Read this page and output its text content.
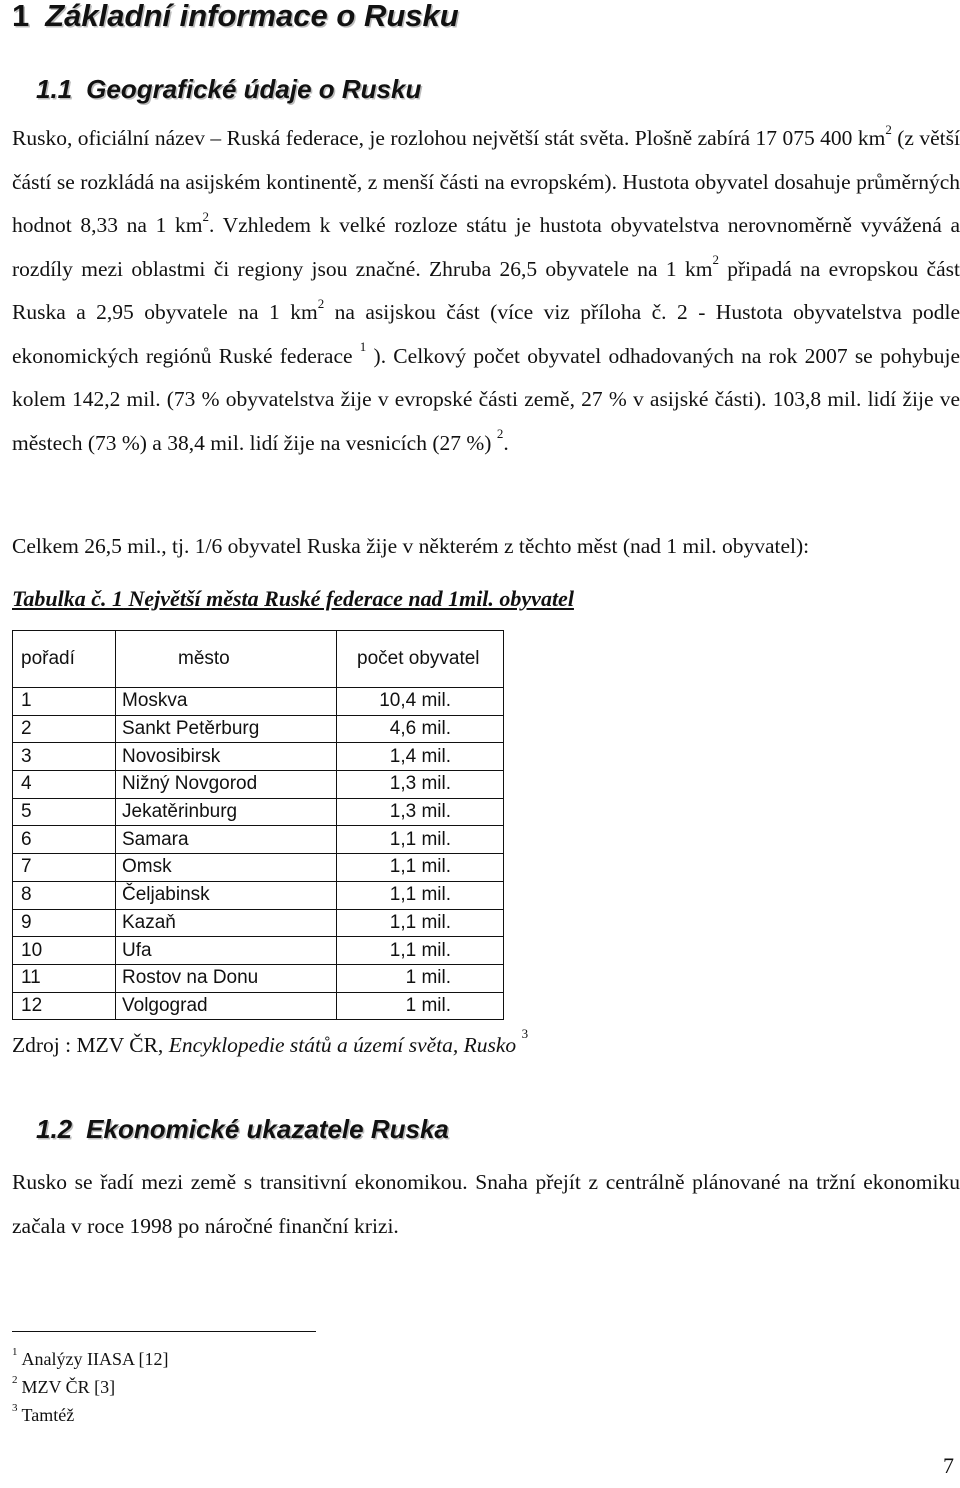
1 Základní informace o Rusku
1.1 Geografické údaje o Rusku

Rusko, oficiální název – Ruská federace, je rozlohou největší stát světa. Plošně zabírá 17 075 400 $km^2$ (z větší částí se rozkládá na asijském kontinentě, z menší části na evropském). Hustota obyvatel dosahuje průměrných hodnot 8,33 na 1 $km^2$. Vzhledem k velké rozloze státu je hustota obyvatelstva nerovnoměrně vyvážená a rozdíly mezi oblastmi či regiony jsou značné. Zhruba 26,5 obyvatele na 1 $km^2$ připadá na evropskou část Ruska a 2,95 obyvatele na 1 $km^2$ na asijskou část (více viz příloha č. 2 - Hustota obyvatelstva podle ekonomických regiónů Ruské federace $^1$ ). Celkový počet obyvatel odhadovaných na rok 2007 se pohybuje kolem 142,2 mil. (73 % obyvatelstva žije v evropské části země, 27 % v asijské části). 103,8 mil. lidí žije ve městech (73 %) a 38,4 mil. lidí žije na vesnicích (27 %) $^2$.

Celkem 26,5 mil., tj. 1/6 obyvatel Ruska žije v některém z těchto měst (nad 1 mil. obyvatel):

Tabulka č. 1 Největší města Ruské federace nad 1mil. obyvatel
pořadí	město	počet obyvatel
1	Moskva	10,4 mil.
2	Sankt Petěrburg	4,6 mil.
3	Novosibirsk	1,4 mil.
4	Nižný Novgorod	1,3 mil.
5	Jekatěrinburg	1,3 mil.
6	Samara	1,1 mil.
7	Omsk	1,1 mil.
8	Čeljabinsk	1,1 mil.
9	Kazaň	1,1 mil.
10	Ufa	1,1 mil.
11	Rostov na Donu	1 mil.
12	Volgograd	1 mil.
Zdroj : MZV ČR, Encyklopedie států a území světa, Rusko $^3$
1.2 Ekonomické ukazatele Ruska

Rusko se řadí mezi země s transitivní ekonomikou. Snaha přejít z centrálně plánované na tržní ekonomiku začala v roce 1998 po náročné finanční krizi.

$^1$ Analýzy IIASA [12]
$^2$ MZV ČR [3]
$^3$ Tamtéž
7
